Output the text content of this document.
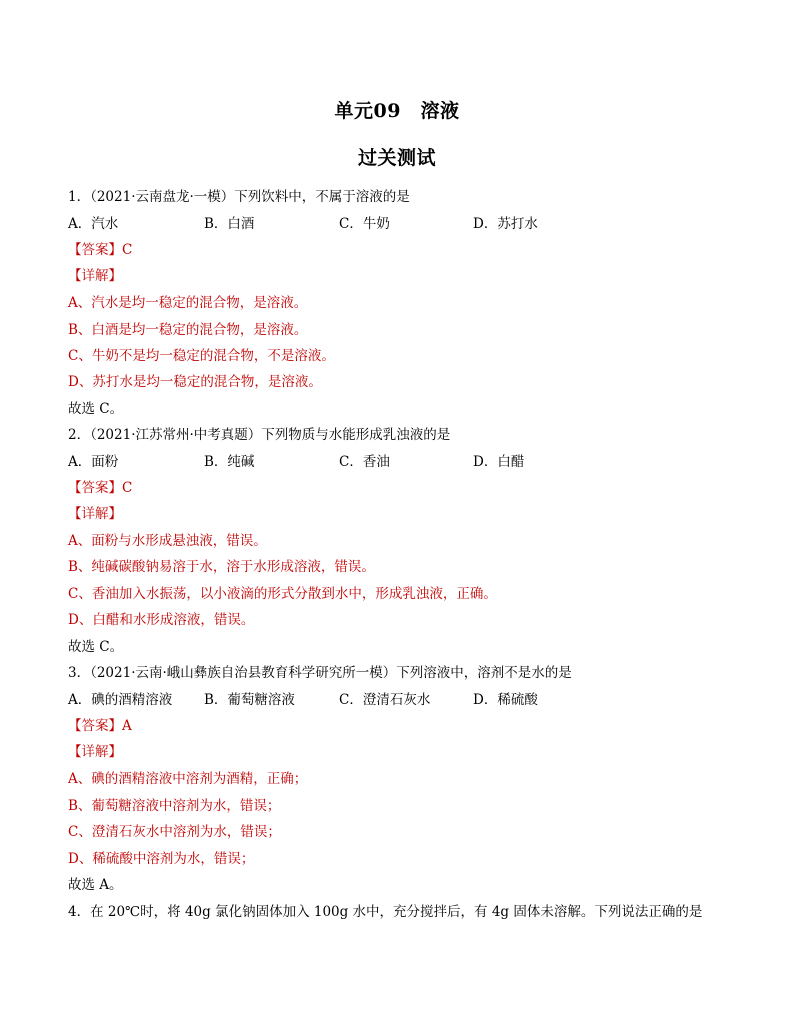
单元09　溶液
过关测试
1．（2021·云南盘龙·一模）下列饮料中，不属于溶液的是
A．汽水	B．白酒	C．牛奶	D．苏打水
【答案】C
【详解】
A、汽水是均一稳定的混合物，是溶液。
B、白酒是均一稳定的混合物，是溶液。
C、牛奶不是均一稳定的混合物，不是溶液。
D、苏打水是均一稳定的混合物，是溶液。
故选 C。
2．（2021·江苏常州·中考真题）下列物质与水能形成乳浊液的是
A．面粉	B．纯碱	C．香油	D．白醋
【答案】C
【详解】
A、面粉与水形成悬浊液，错误。
B、纯碱碳酸钠易溶于水，溶于水形成溶液，错误。
C、香油加入水振荡，以小液滴的形式分散到水中，形成乳浊液，正确。
D、白醋和水形成溶液，错误。
故选 C。
3．（2021·云南·峨山彝族自治县教育科学研究所一模）下列溶液中，溶剂不是水的是
A．碘的酒精溶液 B．葡萄糖溶液	C．澄清石灰水	D．稀硫酸
【答案】A
【详解】
A、碘的酒精溶液中溶剂为酒精，正确；
B、葡萄糖溶液中溶剂为水，错误；
C、澄清石灰水中溶剂为水，错误；
D、稀硫酸中溶剂为水，错误；
故选 A。
4．在 20℃时，将 40g 氯化钠固体加入 100g 水中，充分搅拌后，有 4g 固体未溶解。下列说法正确的是
